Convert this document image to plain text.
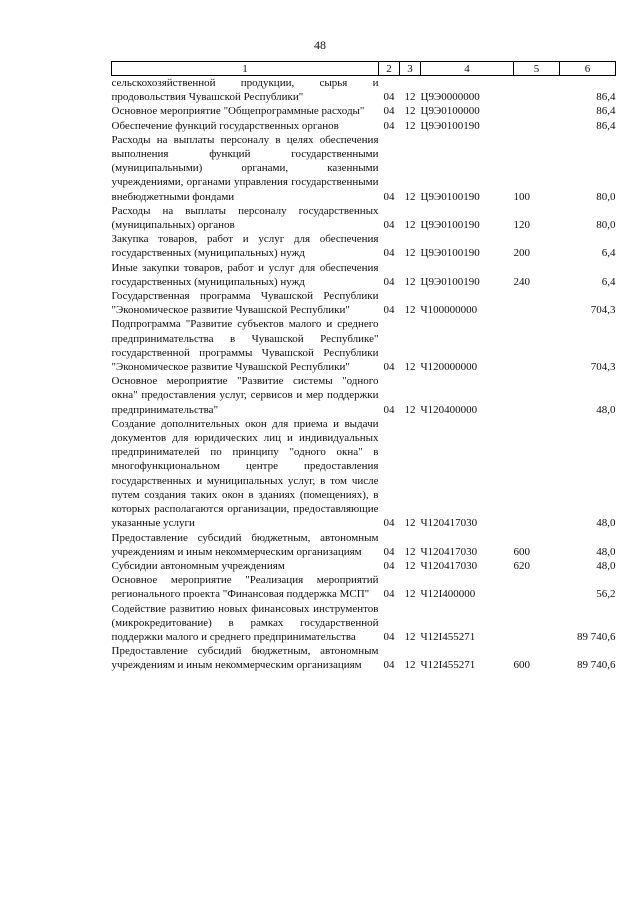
48
1	2	3	4	5	6
сельскохозяйственной продукции, сырья и продовольствия Чувашской Республики"	04	12	Ц9Э0000000		86,4
Основное мероприятие "Общепрограммные расходы"	04	12	Ц9Э0100000		86,4
Обеспечение функций государственных органов	04	12	Ц9Э0100190		86,4
Расходы на выплаты персоналу в целях обеспечения выполнения функций государственными (муниципальными) органами, казенными учреждениями, органами управления государственными внебюджетными фондами	04	12	Ц9Э0100190	100	80,0
Расходы на выплаты персоналу государственных (муниципальных) органов	04	12	Ц9Э0100190	120	80,0
Закупка товаров, работ и услуг для обеспечения государственных (муниципальных) нужд	04	12	Ц9Э0100190	200	6,4
Иные закупки товаров, работ и услуг для обеспечения государственных (муниципальных) нужд	04	12	Ц9Э0100190	240	6,4
Государственная программа Чувашской Республики "Экономическое развитие Чувашской Республики"	04	12	Ч100000000		704,3
Подпрограмма "Развитие субъектов малого и среднего предпринимательства в Чувашской Республике" государственной программы Чувашской Республики "Экономическое развитие Чувашской Республики"	04	12	Ч120000000		704,3
Основное мероприятие "Развитие системы "одного окна" предоставления услуг, сервисов и мер поддержки предпринимательства"	04	12	Ч120400000		48,0
Создание дополнительных окон для приема и выдачи документов для юридических лиц и индивидуальных предпринимателей по принципу "одного окна" в многофункциональном центре предоставления государственных и муниципальных услуг, в том числе путем создания таких окон в зданиях (помещениях), в которых располагаются организации, предоставляющие указанные услуги	04	12	Ч120417030		48,0
Предоставление субсидий бюджетным, автономным учреждениям и иным некоммерческим организациям	04	12	Ч120417030	600	48,0
Субсидии автономным учреждениям	04	12	Ч120417030	620	48,0
Основное мероприятие "Реализация мероприятий регионального проекта "Финансовая поддержка МСП"	04	12	Ч12I400000		56,2
Содействие развитию новых финансовых инструментов (микрокредитование) в рамках государственной поддержки малого и среднего предпринимательства	04	12	Ч12I455271		89 740,6
Предоставление субсидий бюджетным, автономным учреждениям и иным некоммерческим организациям	04	12	Ч12I455271	600	89 740,6
